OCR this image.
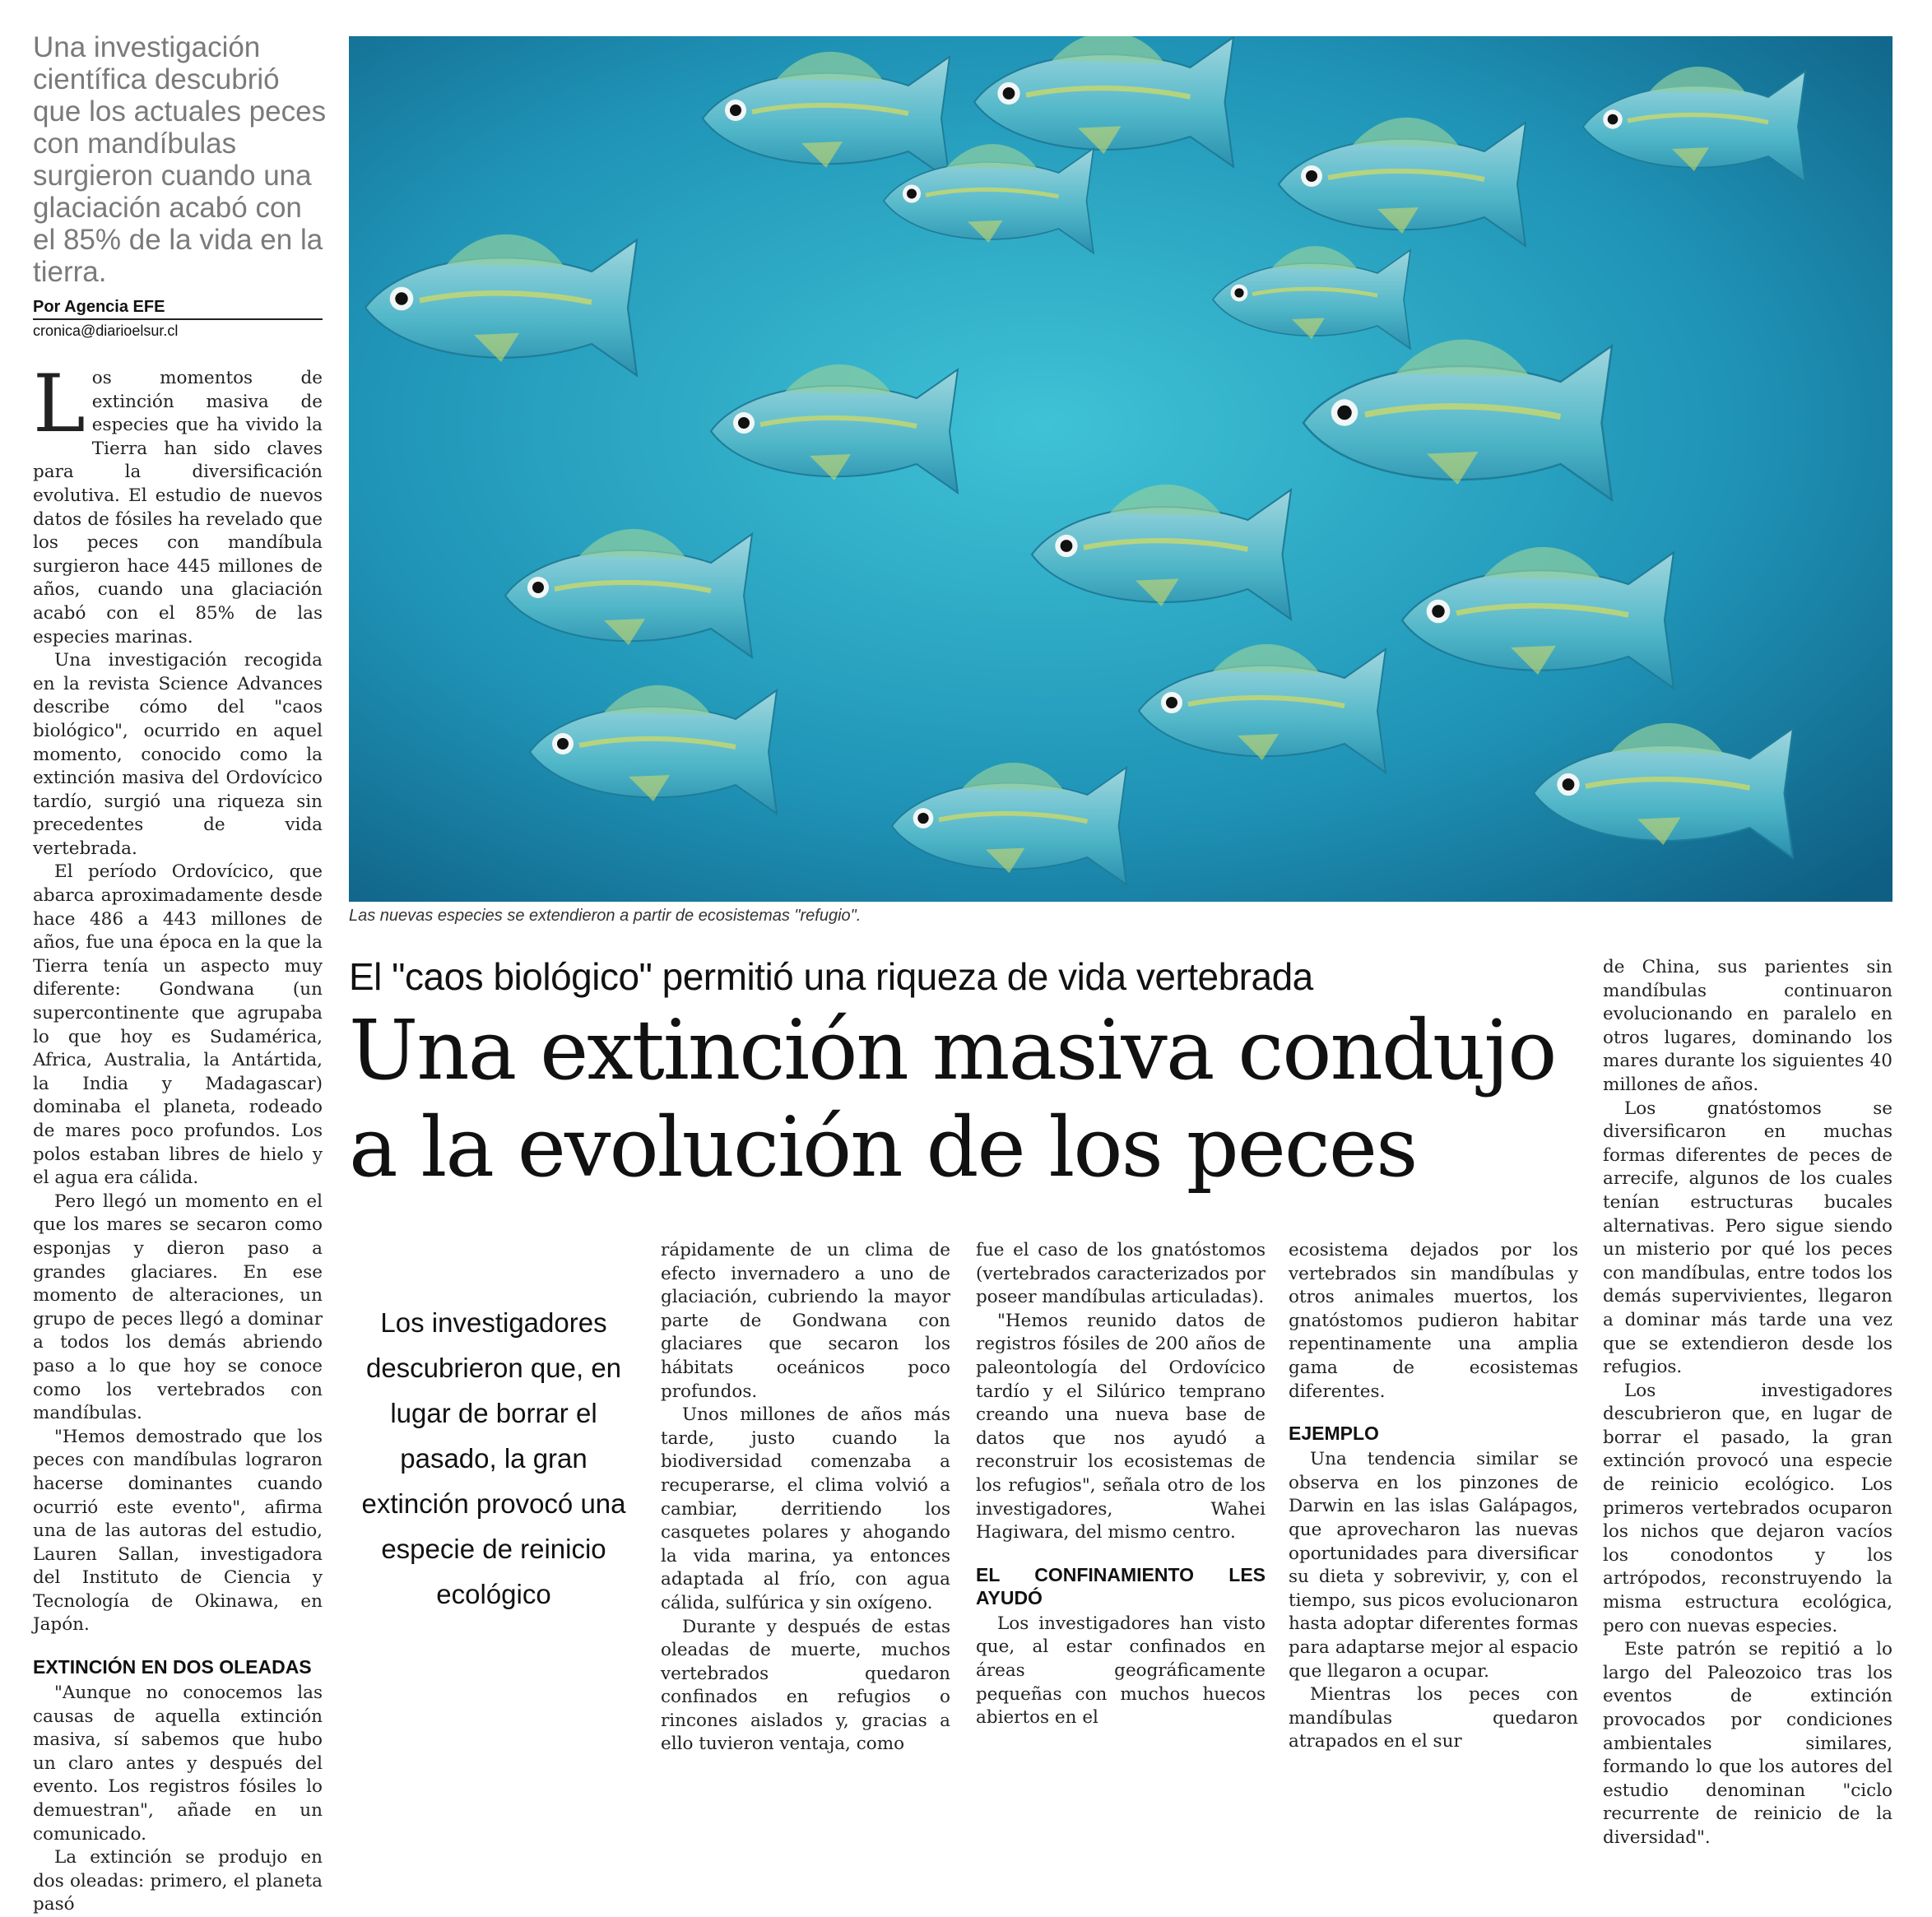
Una investigación científica descubrió que los actuales peces con mandíbulas surgieron cuando una glaciación acabó con el 85% de la vida en la tierra.
Por Agencia EFE
cronica@diarioelsur.cl

Los momentos de extinción masiva de especies que ha vivido la Tierra han sido claves para la diversificación evolutiva. El estudio de nuevos datos de fósiles ha revelado que los peces con mandíbula surgieron hace 445 millones de años, cuando una glaciación acabó con el 85% de las especies marinas.

Una investigación recogida en la revista Science Advances describe cómo del "caos biológico", ocurrido en aquel momento, conocido como la extinción masiva del Ordovícico tardío, surgió una riqueza sin precedentes de vida vertebrada.

El período Ordovícico, que abarca aproximadamente desde hace 486 a 443 millones de años, fue una época en la que la Tierra tenía un aspecto muy diferente: Gondwana (un supercontinente que agrupaba lo que hoy es Sudamérica, Africa, Australia, la Antártida, la India y Madagascar) dominaba el planeta, rodeado de mares poco profundos. Los polos estaban libres de hielo y el agua era cálida.

Pero llegó un momento en el que los mares se secaron como esponjas y dieron paso a grandes glaciares. En ese momento de alteraciones, un grupo de peces llegó a dominar a todos los demás abriendo paso a lo que hoy se conoce como los vertebrados con mandíbulas.

"Hemos demostrado que los peces con mandíbulas lograron hacerse dominantes cuando ocurrió este evento", afirma una de las autoras del estudio, Lauren Sallan, investigadora del Instituto de Ciencia y Tecnología de Okinawa, en Japón.

EXTINCIÓN EN DOS OLEADAS

"Aunque no conocemos las causas de aquella extinción masiva, sí sabemos que hubo un claro antes y después del evento. Los registros fósiles lo demuestran", añade en un comunicado.

La extinción se produjo en dos oleadas: primero, el planeta pasó

Las nuevas especies se extendieron a partir de ecosistemas "refugio".
El "caos biológico" permitió una riqueza de vida vertebrada
Una extinción masiva condujo
a la evolución de los peces
Los investigadores descubrieron que, en lugar de borrar el pasado, la gran extinción provocó una especie de reinicio ecológico

rápidamente de un clima de efecto invernadero a uno de glaciación, cubriendo la mayor parte de Gondwana con glaciares que secaron los hábitats oceánicos poco profundos.

Unos millones de años más tarde, justo cuando la biodiversidad comenzaba a recuperarse, el clima volvió a cambiar, derritiendo los casquetes polares y ahogando la vida marina, ya entonces adaptada al frío, con agua cálida, sulfúrica y sin oxígeno.

Durante y después de estas oleadas de muerte, muchos vertebrados quedaron confinados en refugios o rincones aislados y, gracias a ello tuvieron ventaja, como

fue el caso de los gnatóstomos (vertebrados caracterizados por poseer mandíbulas articuladas).

"Hemos reunido datos de registros fósiles de 200 años de paleontología del Ordovícico tardío y el Silúrico temprano creando una nueva base de datos que nos ayudó a reconstruir los ecosistemas de los refugios", señala otro de los investigadores, Wahei Hagiwara, del mismo centro.

EL CONFINAMIENTO LES AYUDÓ

Los investigadores han visto que, al estar confinados en áreas geográficamente pequeñas con muchos huecos abiertos en el

ecosistema dejados por los vertebrados sin mandíbulas y otros animales muertos, los gnatóstomos pudieron habitar repentinamente una amplia gama de ecosistemas diferentes.

EJEMPLO

Una tendencia similar se observa en los pinzones de Darwin en las islas Galápagos, que aprovecharon las nuevas oportunidades para diversificar su dieta y sobrevivir, y, con el tiempo, sus picos evolucionaron hasta adoptar diferentes formas para adaptarse mejor al espacio que llegaron a ocupar.

Mientras los peces con mandíbulas quedaron atrapados en el sur

de China, sus parientes sin mandíbulas continuaron evolucionando en paralelo en otros lugares, dominando los mares durante los siguientes 40 millones de años.

Los gnatóstomos se diversificaron en muchas formas diferentes de peces de arrecife, algunos de los cuales tenían estructuras bucales alternativas. Pero sigue siendo un misterio por qué los peces con mandíbulas, entre todos los demás supervivientes, llegaron a dominar más tarde una vez que se extendieron desde los refugios.

Los investigadores descubrieron que, en lugar de borrar el pasado, la gran extinción provocó una especie de reinicio ecológico. Los primeros vertebrados ocuparon los nichos que dejaron vacíos los conodontos y los artrópodos, reconstruyendo la misma estructura ecológica, pero con nuevas especies.

Este patrón se repitió a lo largo del Paleozoico tras los eventos de extinción provocados por condiciones ambientales similares, formando lo que los autores del estudio denominan "ciclo recurrente de reinicio de la diversidad".
